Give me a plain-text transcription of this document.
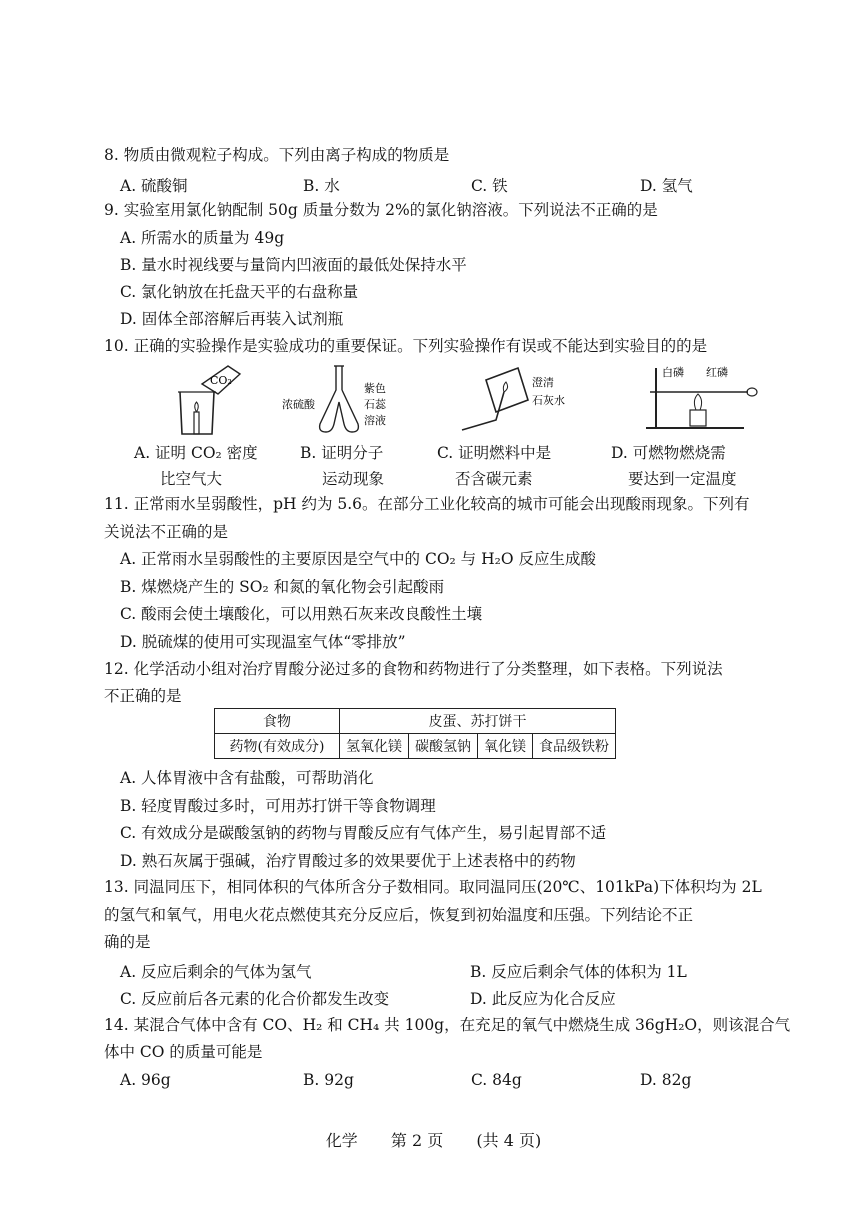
8. 物质由微观粒子构成。下列由离子构成的物质是
A. 硫酸铜	B. 水	C. 铁	D. 氢气
9. 实验室用氯化钠配制 50g 质量分数为 2%的氯化钠溶液。下列说法不正确的是
A. 所需水的质量为 49g
B. 量水时视线要与量筒内凹液面的最低处保持水平
C. 氯化钠放在托盘天平的右盘称量
D. 固体全部溶解后再装入试剂瓶
10. 正确的实验操作是实验成功的重要保证。下列实验操作有误或不能达到实验目的的是
CO₂
浓硫酸
紫色
石蕊
溶液
澄清
石灰水
白磷 红磷
A. 证明 CO₂ 密度
比空气大
B. 证明分子
运动现象
C. 证明燃料中是
否含碳元素
D. 可燃物燃烧需
要达到一定温度
11. 正常雨水呈弱酸性，pH 约为 5.6。在部分工业化较高的城市可能会出现酸雨现象。下列有
关说法不正确的是
A. 正常雨水呈弱酸性的主要原因是空气中的 CO₂ 与 H₂O 反应生成酸
B. 煤燃烧产生的 SO₂ 和氮的氧化物会引起酸雨
C. 酸雨会使土壤酸化，可以用熟石灰来改良酸性土壤
D. 脱硫煤的使用可实现温室气体“零排放”
12. 化学活动小组对治疗胃酸分泌过多的食物和药物进行了分类整理，如下表格。下列说法
不正确的是
食物	皮蛋、苏打饼干			
药物(有效成分)	氢氧化镁	碳酸氢钠	氧化镁	食品级铁粉
A. 人体胃液中含有盐酸，可帮助消化
B. 轻度胃酸过多时，可用苏打饼干等食物调理
C. 有效成分是碳酸氢钠的药物与胃酸反应有气体产生，易引起胃部不适
D. 熟石灰属于强碱，治疗胃酸过多的效果要优于上述表格中的药物
13. 同温同压下，相同体积的气体所含分子数相同。取同温同压(20℃、101kPa)下体积均为 2L
的氢气和氧气，用电火花点燃使其充分反应后，恢复到初始温度和压强。下列结论不正
确的是
A. 反应后剩余的气体为氢气	B. 反应后剩余气体的体积为 1L
C. 反应前后各元素的化合价都发生改变	D. 此反应为化合反应
14. 某混合气体中含有 CO、H₂ 和 CH₄ 共 100g，在充足的氧气中燃烧生成 36gH₂O，则该混合气
体中 CO 的质量可能是
A. 96g	B. 92g	C. 84g	D. 82g
化学 第 2 页 (共 4 页)
